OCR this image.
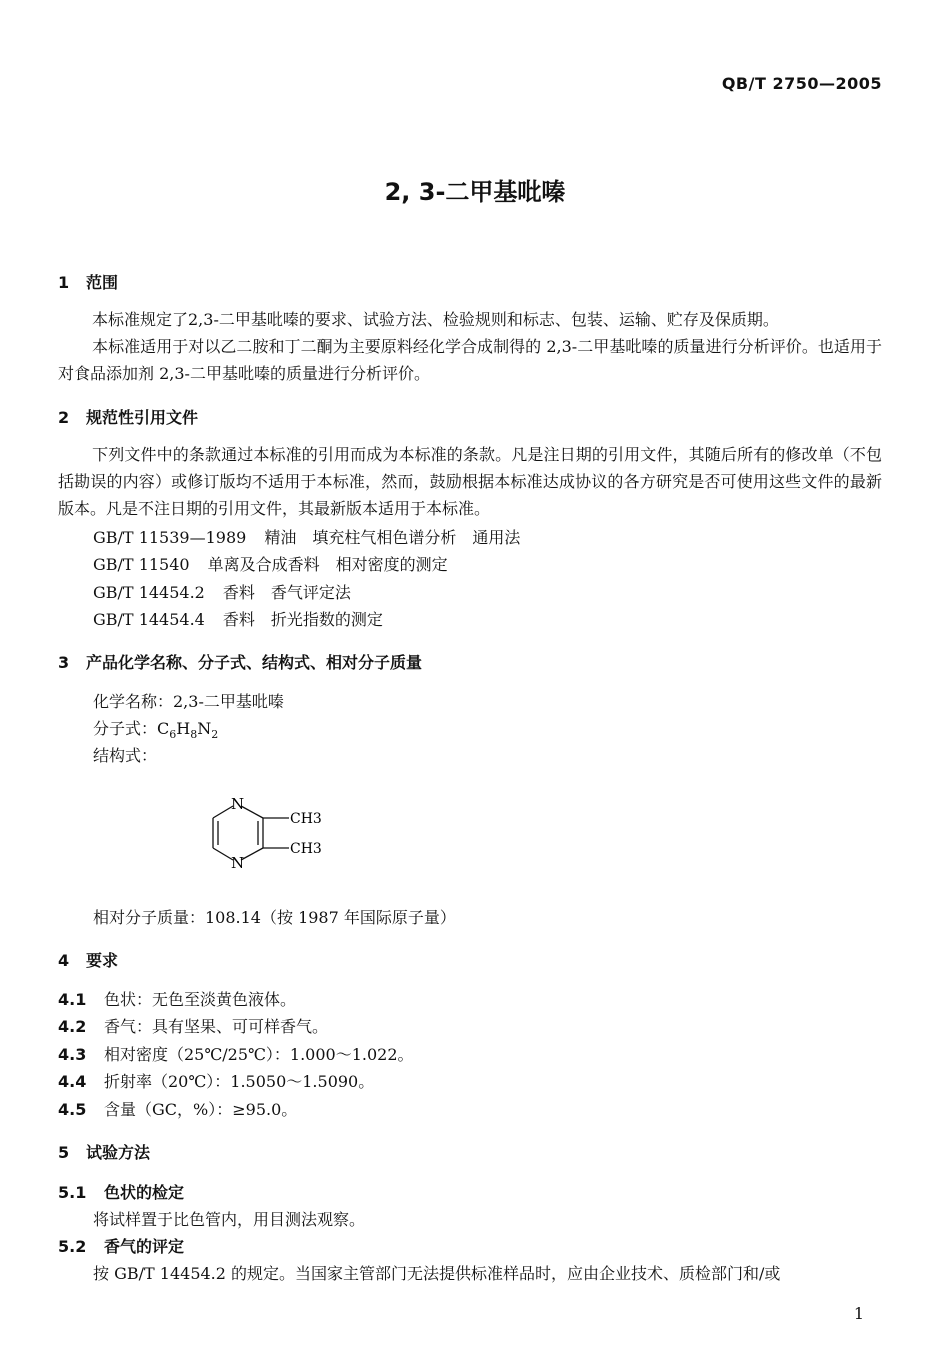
QB/T 2750—2005
2, 3-二甲基吡嗪
1 范围
本标准规定了2,3-二甲基吡嗪的要求、试验方法、检验规则和标志、包装、运输、贮存及保质期。
本标准适用于对以乙二胺和丁二酮为主要原料经化学合成制得的 2,3-二甲基吡嗪的质量进行分析评价。也适用于对食品添加剂 2,3-二甲基吡嗪的质量进行分析评价。
2 规范性引用文件
下列文件中的条款通过本标准的引用而成为本标准的条款。凡是注日期的引用文件，其随后所有的修改单（不包括勘误的内容）或修订版均不适用于本标准，然而，鼓励根据本标准达成协议的各方研究是否可使用这些文件的最新版本。凡是不注日期的引用文件，其最新版本适用于本标准。
GB/T 11539—1989 精油　填充柱气相色谱分析　通用法
GB/T 11540 单离及合成香料　相对密度的测定
GB/T 14454.2 香料　香气评定法
GB/T 14454.4 香料　折光指数的测定
3 产品化学名称、分子式、结构式、相对分子质量
化学名称：2,3-二甲基吡嗪
分子式：$C_6H_8N_2$
结构式：
N
N
CH3
CH3
相对分子质量：108.14（按 1987 年国际原子量）
4 要求
4.1 色状：无色至淡黄色液体。
4.2 香气：具有坚果、可可样香气。
4.3 相对密度（25℃/25℃）：1.000～1.022。
4.4 折射率（20℃）：1.5050～1.5090。
4.5 含量（GC，%）：≥95.0。
5 试验方法
5.1 色状的检定
将试样置于比色管内，用目测法观察。
5.2 香气的评定
按 GB/T 14454.2 的规定。当国家主管部门无法提供标准样品时，应由企业技术、质检部门和/或
1
